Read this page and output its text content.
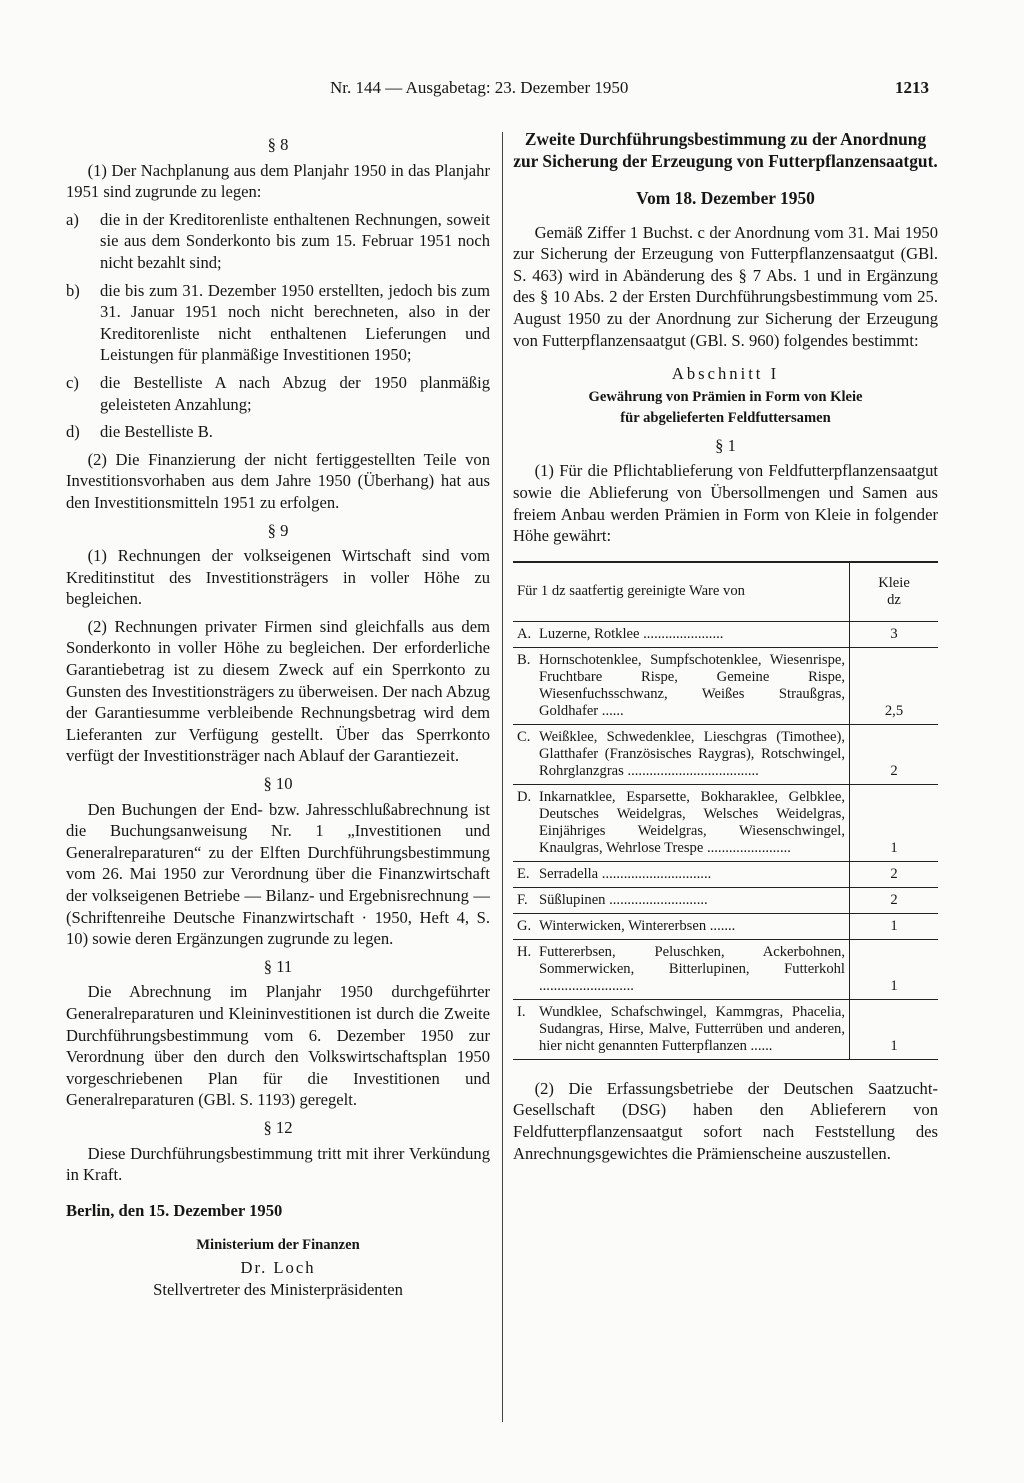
Nr. 144 — Ausgabetag: 23. Dezember 1950	1213
§ 8

(1) Der Nachplanung aus dem Planjahr 1950 in das Planjahr 1951 sind zugrunde zu legen:

a)	die in der Kreditorenliste enthaltenen Rechnungen, soweit sie aus dem Sonderkonto bis zum 15. Februar 1951 noch nicht bezahlt sind;
b)	die bis zum 31. Dezember 1950 erstellten, jedoch bis zum 31. Januar 1951 noch nicht berechneten, also in der Kreditorenliste nicht enthaltenen Lieferungen und Leistungen für planmäßige Investitionen 1950;
c)	die Bestelliste A nach Abzug der 1950 planmäßig geleisteten Anzahlung;
d)	die Bestelliste B.

(2) Die Finanzierung der nicht fertiggestellten Teile von Investitionsvorhaben aus dem Jahre 1950 (Überhang) hat aus den Investitionsmitteln 1951 zu erfolgen.

§ 9

(1) Rechnungen der volkseigenen Wirtschaft sind vom Kreditinstitut des Investitionsträgers in voller Höhe zu begleichen.

(2) Rechnungen privater Firmen sind gleichfalls aus dem Sonderkonto in voller Höhe zu begleichen. Der erforderliche Garantiebetrag ist zu diesem Zweck auf ein Sperrkonto zu Gunsten des Investitionsträgers zu überweisen. Der nach Abzug der Garantiesumme verbleibende Rechnungsbetrag wird dem Lieferanten zur Verfügung gestellt. Über das Sperrkonto verfügt der Investitionsträger nach Ablauf der Garantiezeit.

§ 10

Den Buchungen der End- bzw. Jahresschlußabrechnung ist die Buchungsanweisung Nr. 1 „Investitionen und Generalreparaturen“ zu der Elften Durchführungsbestimmung vom 26. Mai 1950 zur Verordnung über die Finanzwirtschaft der volkseigenen Betriebe — Bilanz- und Ergebnisrechnung — (Schriftenreihe Deutsche Finanzwirtschaft · 1950, Heft 4, S. 10) sowie deren Ergänzungen zugrunde zu legen.

§ 11

Die Abrechnung im Planjahr 1950 durchgeführter Generalreparaturen und Kleininvestitionen ist durch die Zweite Durchführungsbestimmung vom 6. Dezember 1950 zur Verordnung über den durch den Volkswirtschaftsplan 1950 vorgeschriebenen Plan für die Investitionen und Generalreparaturen (GBl. S. 1193) geregelt.

§ 12

Diese Durchführungsbestimmung tritt mit ihrer Verkündung in Kraft.

Berlin, den 15. Dezember 1950
Ministerium der Finanzen
Dr. Loch
Stellvertreter des Ministerpräsidenten
Zweite Durchführungsbestimmung zu der Anordnung zur Sicherung der Erzeugung von Futterpflanzensaatgut.
Vom 18. Dezember 1950

Gemäß Ziffer 1 Buchst. c der Anordnung vom 31. Mai 1950 zur Sicherung der Erzeugung von Futterpflanzensaatgut (GBl. S. 463) wird in Abänderung des § 7 Abs. 1 und in Ergänzung des § 10 Abs. 2 der Ersten Durchführungsbestimmung vom 25. August 1950 zu der Anordnung zur Sicherung der Erzeugung von Futterpflanzensaatgut (GBl. S. 960) folgendes bestimmt:

Abschnitt I
Gewährung von Prämien in Form von Kleie
für abgelieferten Feldfuttersamen
§ 1

(1) Für die Pflichtablieferung von Feldfutterpflanzensaatgut sowie die Ablieferung von Übersollmengen und Samen aus freiem Anbau werden Prämien in Form von Kleie in folgender Höhe gewährt:

Für 1 dz saatfertig gereinigte Ware von	Kleie
dz

A. Luzerne, Rotklee ......................	3

B. Hornschotenklee, Sumpfschotenklee, Wiesenrispe, Fruchtbare Rispe, Gemeine Rispe, Wiesenfuchsschwanz, Weißes Straußgras, Goldhafer ......	2,5

C. Weißklee, Schwedenklee, Lieschgras (Timothee), Glatthafer (Französisches Raygras), Rotschwingel, Rohrglanzgras ....................................	2

D. Inkarnatklee, Esparsette, Bokharaklee, Gelbklee, Deutsches Weidelgras, Welsches Weidelgras, Einjähriges Weidelgras, Wiesenschwingel, Knaulgras, Wehrlose Trespe .......................	1

E. Serradella ..............................	2

F. Süßlupinen ...........................	2

G. Winterwicken, Wintererbsen .......	1

H. Futtererbsen, Peluschken, Ackerbohnen, Sommerwicken, Bitterlupinen, Futterkohl ..........................	1

I. Wundklee, Schafschwingel, Kammgras, Phacelia, Sudangras, Hirse, Malve, Futterrüben und anderen, hier nicht genannten Futterpflanzen ......	1

(2) Die Erfassungsbetriebe der Deutschen Saatzucht-Gesellschaft (DSG) haben den Ablieferern von Feldfutterpflanzensaatgut sofort nach Feststellung des Anrechnungsgewichtes die Prämienscheine auszustellen.
